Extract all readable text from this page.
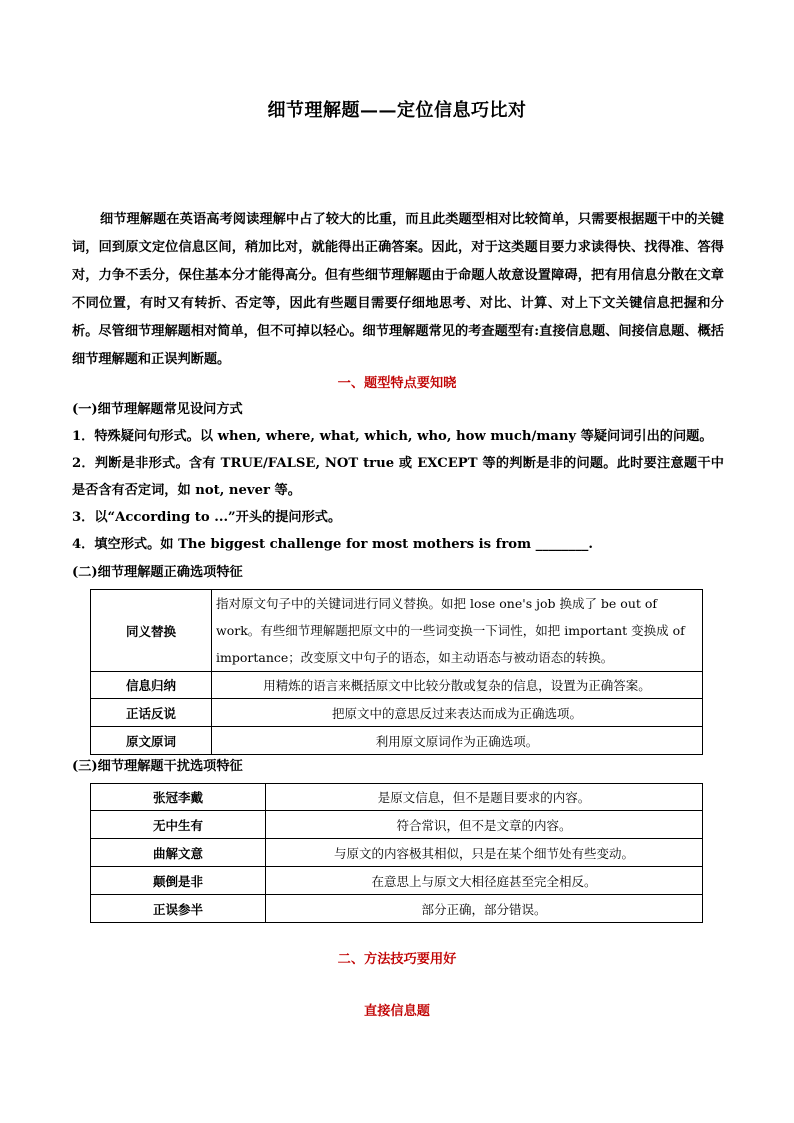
细节理解题——定位信息巧比对

细节理解题在英语高考阅读理解中占了较大的比重，而且此类题型相对比较简单，只需要根据题干中的关键词，回到原文定位信息区间，稍加比对，就能得出正确答案。因此，对于这类题目要力求读得快、找得准、答得对，力争不丢分，保住基本分才能得高分。但有些细节理解题由于命题人故意设置障碍，把有用信息分散在文章不同位置，有时又有转折、否定等，因此有些题目需要仔细地思考、对比、计算、对上下文关键信息把握和分析。尽管细节理解题相对简单，但不可掉以轻心。细节理解题常见的考查题型有:直接信息题、间接信息题、概括细节理解题和正误判断题。

一、题型特点要知晓

(一)细节理解题常见设问方式

1．特殊疑问句形式。以 when, where, what, which, who, how much/many 等疑问词引出的问题。

2．判断是非形式。含有 TRUE/FALSE, NOT true 或 EXCEPT 等的判断是非的问题。此时要注意题干中是否含有否定词，如 not, never 等。

3．以“According to ...”开头的提问形式。

4．填空形式。如 The biggest challenge for most mothers is from ________.

(二)细节理解题正确选项特征

同义替换	指对原文句子中的关键词进行同义替换。如把 lose one's job 换成了 be out of work。有些细节理解题把原文中的一些词变换一下词性，如把 important 变换成 of importance；改变原文中句子的语态，如主动语态与被动语态的转换。
信息归纳	用精炼的语言来概括原文中比较分散或复杂的信息，设置为正确答案。
正话反说	把原文中的意思反过来表达而成为正确选项。
原文原词	利用原文原词作为正确选项。

(三)细节理解题干扰选项特征

张冠李戴	是原文信息，但不是题目要求的内容。
无中生有	符合常识，但不是文章的内容。
曲解文意	与原文的内容极其相似，只是在某个细节处有些变动。
颠倒是非	在意思上与原文大相径庭甚至完全相反。
正误参半	部分正确，部分错误。
二、方法技巧要用好
直接信息题
